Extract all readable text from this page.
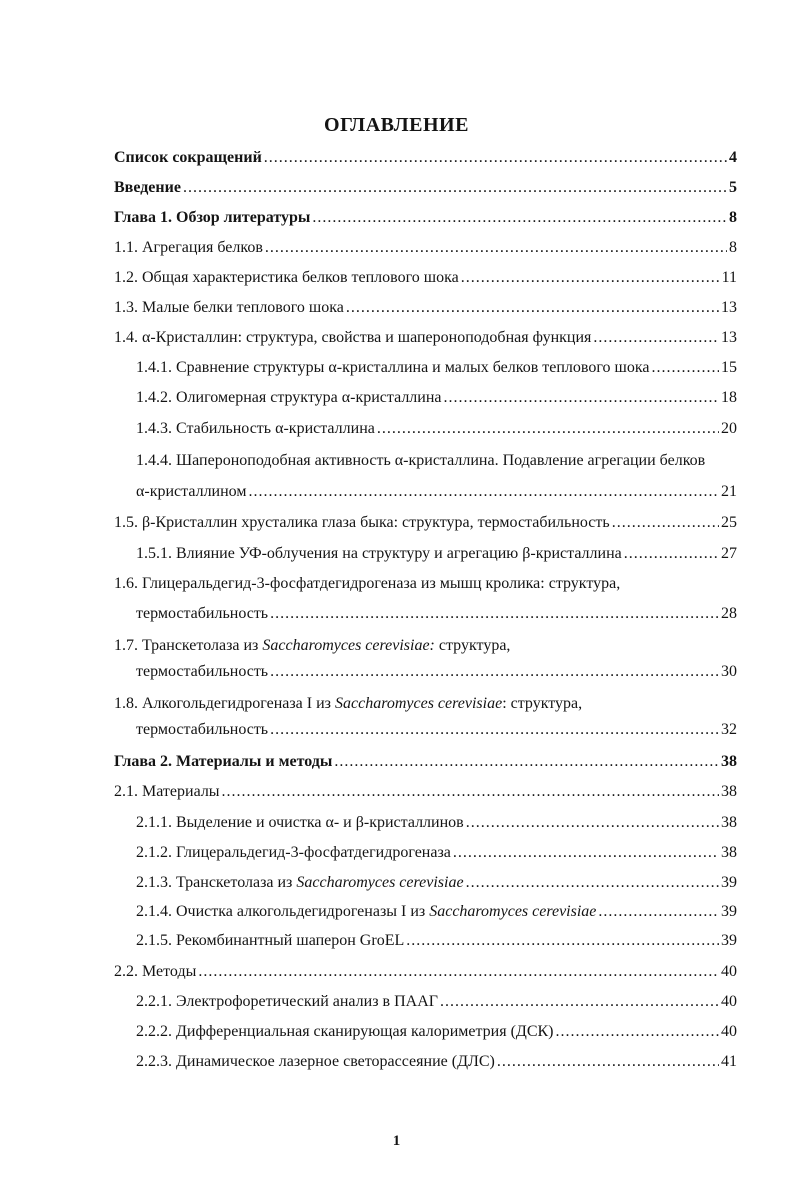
ОГЛАВЛЕНИЕ
Список сокращений .....	4
Введение .....	5
Глава 1. Обзор литературы .....	8
1.1. Агрегация белков .....	8
1.2. Общая характеристика белков теплового шока .....	11
1.3. Малые белки теплового шока .....	13
1.4. α-Кристаллин: структура, свойства и шапероноподобная функция .....	13
1.4.1. Сравнение структуры α-кристаллина и малых белков теплового шока .....	15
1.4.2. Олигомерная структура α-кристаллина .....	18
1.4.3. Стабильность α-кристаллина .....	20
1.4.4. Шапероноподобная активность α-кристаллина. Подавление агрегации белков
α-кристаллином .....	21
1.5. β-Кристаллин хрусталика глаза быка: структура, термостабильность .....	25
1.5.1. Влияние УФ-облучения на структуру и агрегацию β-кристаллина .....	27
1.6. Глицеральдегид-3-фосфатдегидрогеназа из мышц кролика: структура,
термостабильность .....	28
1.7. Транскетолаза из Saccharomyces cerevisiae: структура,
термостабильность .....	30
1.8. Алкогольдегидрогеназа I из Saccharomyces cerevisiae: структура,
термостабильность .....	32
Глава 2. Материалы и методы .....	38
2.1. Материалы .....	38
2.1.1. Выделение и очистка α- и β-кристаллинов .....	38
2.1.2. Глицеральдегид-3-фосфатдегидрогеназа .....	38
2.1.3. Транскетолаза из Saccharomyces cerevisiae .....	39
2.1.4. Очистка алкогольдегидрогеназы I из Saccharomyces cerevisiae .....	39
2.1.5. Рекомбинантный шаперон GroEL .....	39
2.2. Методы .....	40
2.2.1. Электрофоретический анализ в ПААГ .....	40
2.2.2. Дифференциальная сканирующая калориметрия (ДСК) .....	40
2.2.3. Динамическое лазерное светорассеяние (ДЛС) .....	41
1
